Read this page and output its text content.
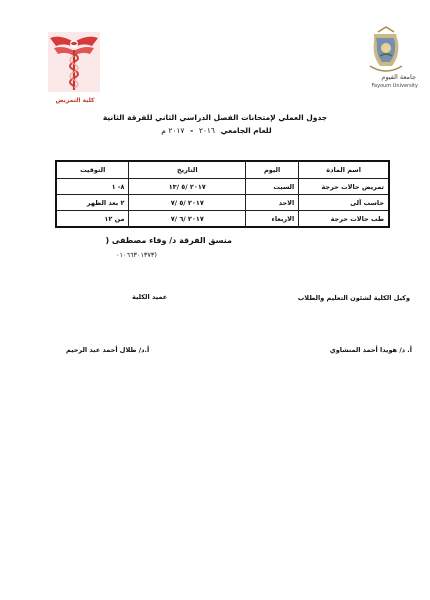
كلية التمريض
جامعة الفيوم
Fayoum University
جدول العملي لإمتحانات الفصل الدراسي الثاني للفرقة الثانية
للعام الجامعي ٢٠١٦ - ٢٠١٧ م
اسم المادة	اليوم	التاريخ	التوقيت
تمريض حالات حرجة	السبت	٢٠١٧ /٥ /١٣	٨- ١
حاسب آلى	الاحد	٢٠١٧ /٥ /٧	٢ بعد الظهر
طب حالات حرجة	الاربعاء	٢٠١٧ /٦ /٧	من ١٢
منسق الفرقة د/ وفاء مصطفى (
٠١٠٦٦٣٠١٣٧٣)
وكيل الكلية لشئون التعليم والطلاب
عميد الكلية
أ. د/ هويدا أحمد المنشاوي
أ.د/ طلال أحمد عبد الرحيم
